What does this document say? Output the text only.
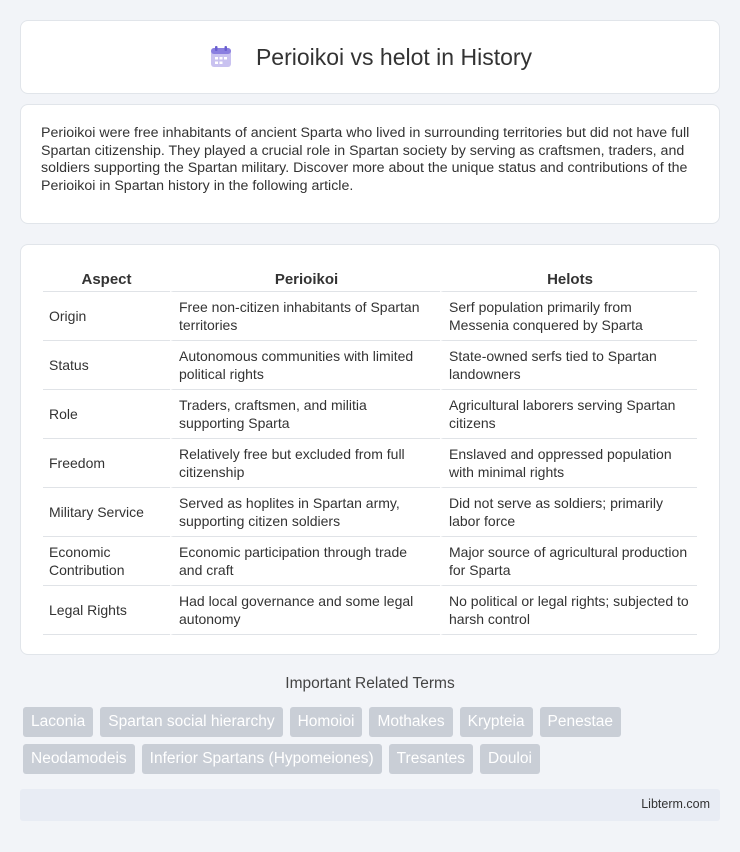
Perioikoi vs helot in History

Perioikoi were free inhabitants of ancient Sparta who lived in surrounding territories but did not have full Spartan citizenship. They played a crucial role in Spartan society by serving as craftsmen, traders, and soldiers supporting the Spartan military. Discover more about the unique status and contributions of the Perioikoi in Spartan history in the following article.

Aspect	Perioikoi	Helots
Origin	Free non-citizen inhabitants of Spartan territories	Serf population primarily from Messenia conquered by Sparta
Status	Autonomous communities with limited political rights	State-owned serfs tied to Spartan landowners
Role	Traders, craftsmen, and militia supporting Sparta	Agricultural laborers serving Spartan citizens
Freedom	Relatively free but excluded from full citizenship	Enslaved and oppressed population with minimal rights
Military Service	Served as hoplites in Spartan army, supporting citizen soldiers	Did not serve as soldiers; primarily labor force
Economic Contribution	Economic participation through trade and craft	Major source of agricultural production for Sparta
Legal Rights	Had local governance and some legal autonomy	No political or legal rights; subjected to harsh control
Important Related Terms
Laconia	Spartan social hierarchy	Homoioi	Mothakes	Krypteia	Penestae
Neodamodeis	Inferior Spartans (Hypomeiones)	Tresantes	Douloi
Libterm.com
